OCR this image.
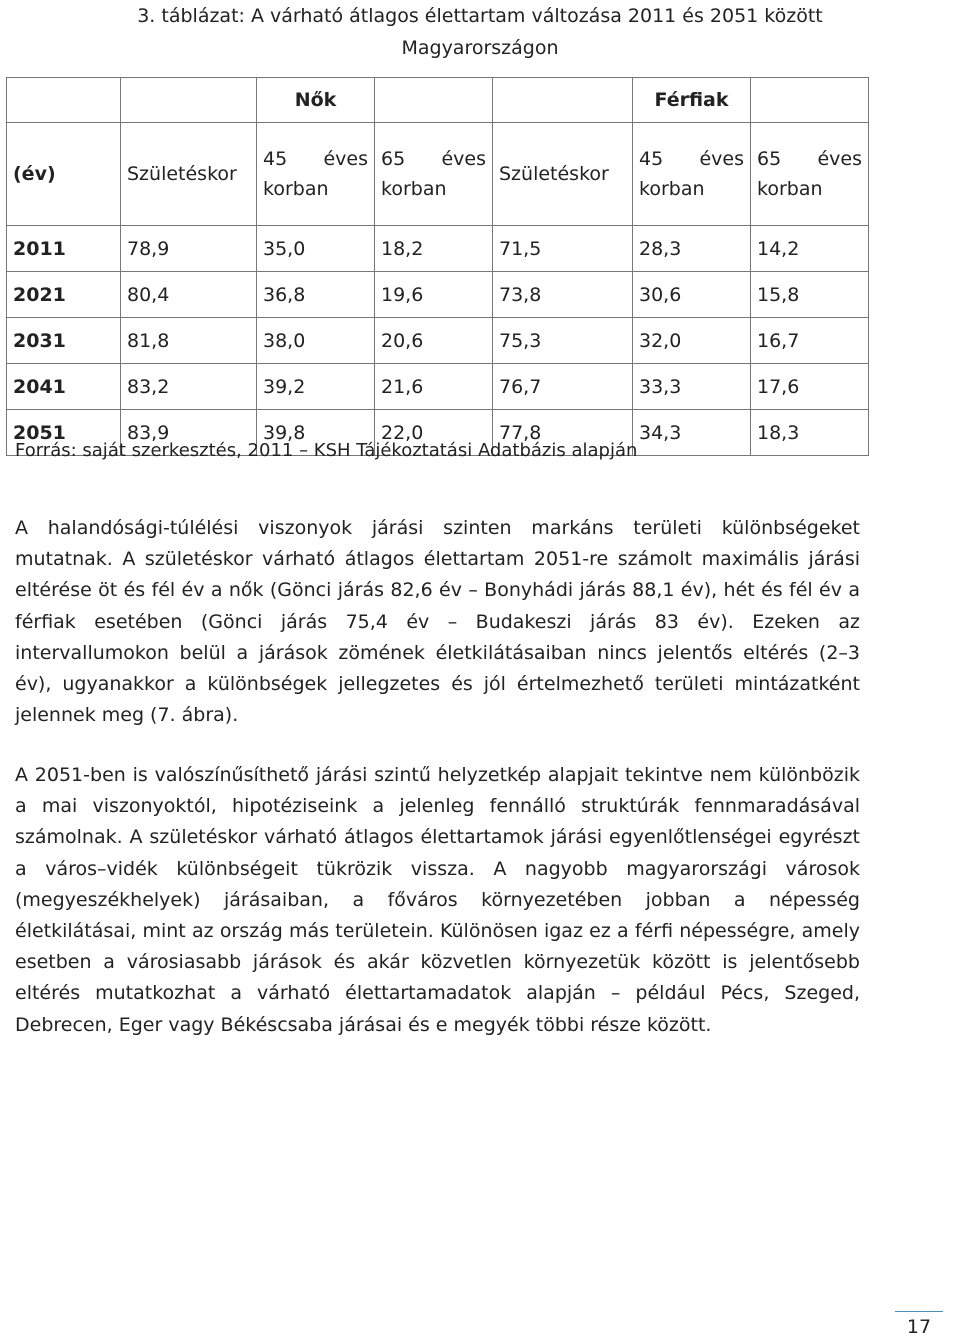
3. táblázat: A várható átlagos élettartam változása 2011 és 2051 között
Magyarországon
		Nők			Férfiak	
(év)	Születéskor	45 éves korban	65 éves korban	Születéskor	45 éves korban	65 éves korban
2011	78,9	35,0	18,2	71,5	28,3	14,2
2021	80,4	36,8	19,6	73,8	30,6	15,8
2031	81,8	38,0	20,6	75,3	32,0	16,7
2041	83,2	39,2	21,6	76,7	33,3	17,6
2051	83,9	39,8	22,0	77,8	34,3	18,3
Forrás: saját szerkesztés, 2011 – KSH Tájékoztatási Adatbázis alapján

A halandósági-túlélési viszonyok járási szinten markáns területi különbségeket mutatnak. A születéskor várható átlagos élettartam 2051-re számolt maximális járási eltérése öt és fél év a nők (Gönci járás 82,6 év – Bonyhádi járás 88,1 év), hét és fél év a férfiak esetében (Gönci járás 75,4 év – Budakeszi járás 83 év). Ezeken az intervallumokon belül a járások zömének életkilátásaiban nincs jelentős eltérés (2–3 év), ugyanakkor a különbségek jellegzetes és jól értelmezhető területi mintázatként jelennek meg (7. ábra).

A 2051-ben is valószínűsíthető járási szintű helyzetkép alapjait tekintve nem különbözik a mai viszonyoktól, hipotéziseink a jelenleg fennálló struktúrák fennmaradásával számolnak. A születéskor várható átlagos élettartamok járási egyenlőtlenségei egyrészt a város–vidék különbségeit tükrözik vissza. A nagyobb magyarországi városok (megyeszékhelyek) járásaiban, a főváros környezetében jobban a népesség életkilátásai, mint az ország más területein. Különösen igaz ez a férfi népességre, amely esetben a városiasabb járások és akár közvetlen környezetük között is jelentősebb eltérés mutatkozhat a várható élettartamadatok alapján – például Pécs, Szeged, Debrecen, Eger vagy Békéscsaba járásai és e megyék többi része között.

17
